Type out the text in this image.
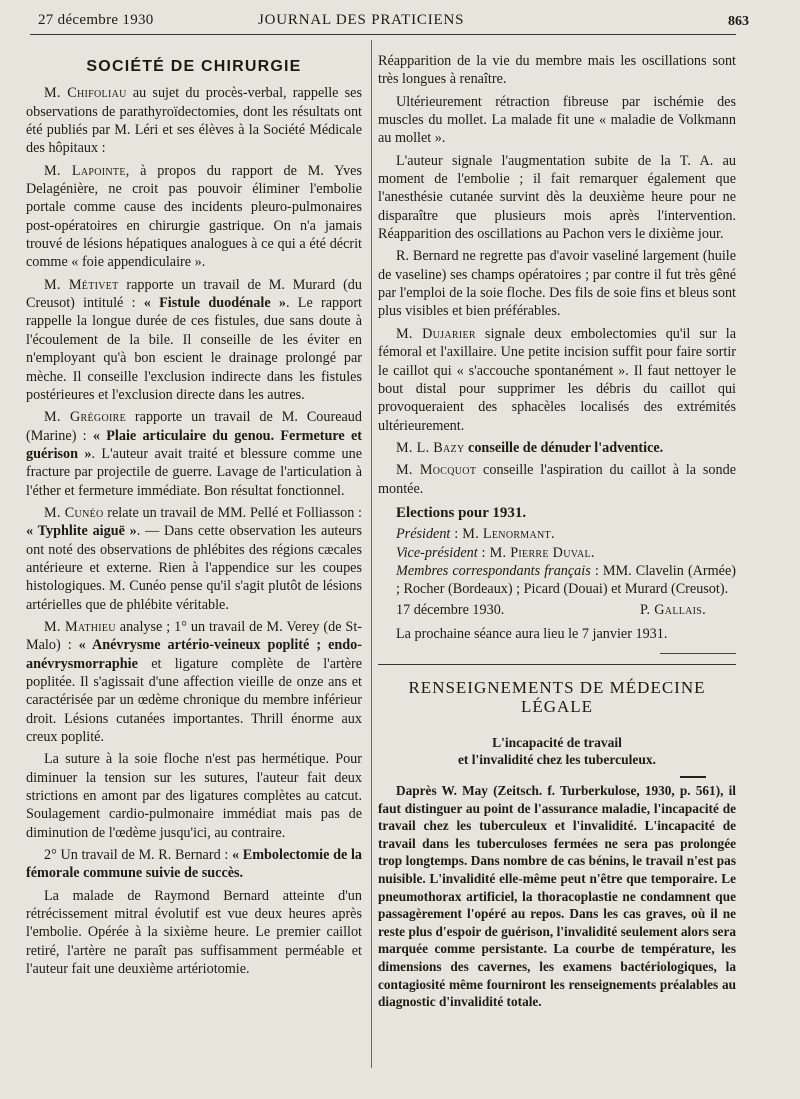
27 décembre 1930	JOURNAL DES PRATICIENS	863
SOCIÉTÉ DE CHIRURGIE

M. Chifoliau au sujet du procès-verbal, rappelle ses observations de parathyroïdectomies, dont les résultats ont été publiés par M. Léri et ses élèves à la Société Médicale des hôpitaux :

M. Lapointe, à propos du rapport de M. Yves Delagénière, ne croit pas pouvoir éliminer l'embolie portale comme cause des incidents pleuro-pulmonaires post-opératoires en chirurgie gastrique. On n'a jamais trouvé de lésions hépatiques analogues à ce qui a été décrit comme « foie appendiculaire ».

M. Métivet rapporte un travail de M. Murard (du Creusot) intitulé : « Fistule duodénale ». Le rapport rappelle la longue durée de ces fistules, due sans doute à l'écoulement de la bile. Il conseille de les éviter en n'employant qu'à bon escient le drainage prolongé par mèche. Il conseille l'exclusion indirecte dans les fistules postérieures et l'exclusion directe dans les autres.

M. Grégoire rapporte un travail de M. Coureaud (Marine) : « Plaie articulaire du genou. Fermeture et guérison ». L'auteur avait traité et blessure comme une fracture par projectile de guerre. Lavage de l'articulation à l'éther et fermeture immédiate. Bon résultat fonctionnel.

M. Cunéo relate un travail de MM. Pellé et Folliasson : « Typhlite aiguë ». — Dans cette observation les auteurs ont noté des observations de phlébites des régions cæcales antérieure et externe. Rien à l'appendice sur les coupes histologiques. M. Cunéo pense qu'il s'agit plutôt de lésions artérielles que de phlébite véritable.

M. Mathieu analyse ; 1° un travail de M. Verey (de St-Malo) : « Anévrysme artério-veineux poplité ; endo-anévrysmorraphie et ligature complète de l'artère poplitée. Il s'agissait d'une affection vieille de onze ans et caractérisée par un œdème chronique du membre inférieur droit. Lésions cutanées importantes. Thrill énorme aux creux poplité.

La suture à la soie floche n'est pas hermétique. Pour diminuer la tension sur les sutures, l'auteur fait deux strictions en amont par des ligatures complètes au catcut. Soulagement cardio-pulmonaire immédiat mais pas de diminution de l'œdème jusqu'ici, au contraire.

2° Un travail de M. R. Bernard : « Embolectomie de la fémorale commune suivie de succès.

La malade de Raymond Bernard atteinte d'un rétrécissement mitral évolutif est vue deux heures après l'embolie. Opérée à la sixième heure. Le premier caillot retiré, l'artère ne paraît pas suffisamment perméable et l'auteur fait une deuxième artériotomie.

Réapparition de la vie du membre mais les oscillations sont très longues à renaître.

Ultérieurement rétraction fibreuse par ischémie des muscles du mollet. La malade fit une « maladie de Volkmann au mollet ».

L'auteur signale l'augmentation subite de la T. A. au moment de l'embolie ; il fait remarquer également que l'anesthésie cutanée survint dès la deuxième heure pour ne disparaître que plusieurs mois après l'intervention. Réapparition des oscillations au Pachon vers le dixième jour.

R. Bernard ne regrette pas d'avoir vaseliné largement (huile de vaseline) ses champs opératoires ; par contre il fut très gêné par l'emploi de la soie floche. Des fils de soie fins et bleus sont plus visibles et bien préférables.

M. Dujarier signale deux embolectomies qu'il sur la fémoral et l'axillaire. Une petite incision suffit pour faire sortir le caillot qui « s'accouche spontanément ». Il faut nettoyer le bout distal pour supprimer les débris du caillot qui provoqueraient des sphacèles localisés des extrémités ultérieurement.

M. L. Bazy conseille de dénuder l'adventice.

M. Mocquot conseille l'aspiration du caillot à la sonde montée.

Elections pour 1931.
Président : M. Lenormant.
Vice-président : M. Pierre Duval.
Membres correspondants français : MM. Clavelin (Armée) ; Rocher (Bordeaux) ; Picard (Douai) et Murard (Creusot).
17 décembre 1930.	P. Gallais.
La prochaine séance aura lieu le 7 janvier 1931.
RENSEIGNEMENTS DE MÉDECINE LÉGALE
L'incapacité de travail
et l'invalidité chez les tuberculeux.

Daprès W. May (Zeitsch. f. Turberkulose, 1930, p. 561), il faut distinguer au point de l'assurance maladie, l'incapacité de travail chez les tuberculeux et l'invalidité. L'incapacité de travail dans les tuberculoses fermées ne sera pas prolongée trop longtemps. Dans nombre de cas bénins, le travail n'est pas nuisible. L'invalidité elle-même peut n'être que temporaire. Le pneumothorax artificiel, la thoracoplastie ne condamnent que passagèrement l'opéré au repos. Dans les cas graves, où il ne reste plus d'espoir de guérison, l'invalidité seulement alors sera marquée comme persistante. La courbe de température, les dimensions des cavernes, les examens bactériologiques, la contagiosité même fourniront les renseignements préalables au diagnostic d'invalidité totale.
